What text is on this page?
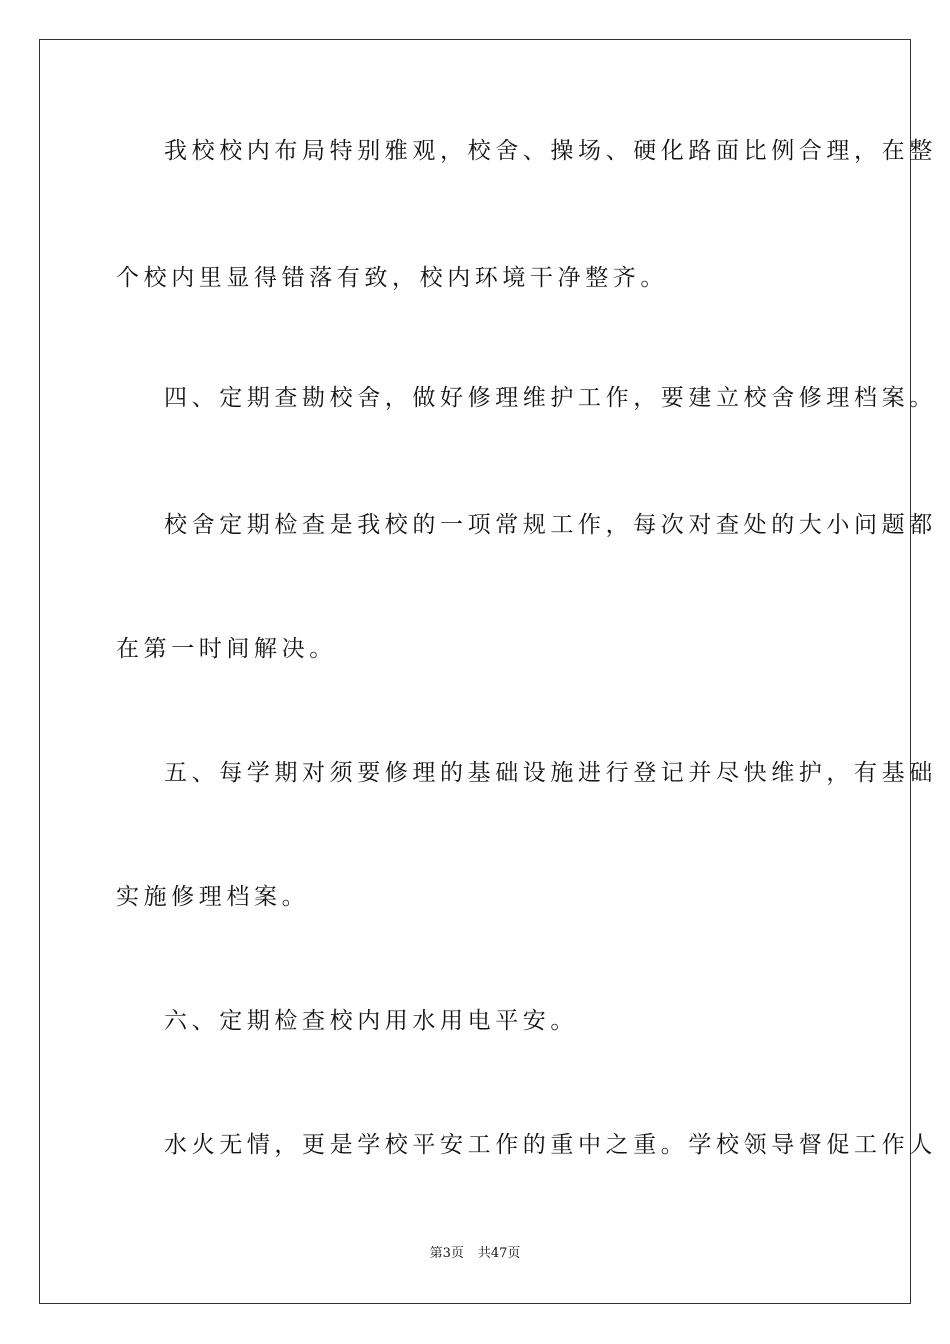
我校校内布局特别雅观，校舍、操场、硬化路面比例合理，在整
个校内里显得错落有致，校内环境干净整齐。
四、定期查勘校舍，做好修理维护工作，要建立校舍修理档案。
校舍定期检查是我校的一项常规工作，每次对查处的大小问题都
在第一时间解决。
五、每学期对须要修理的基础设施进行登记并尽快维护，有基础
实施修理档案。
六、定期检查校内用水用电平安。
水火无情，更是学校平安工作的重中之重。学校领导督促工作人
第3页 共47页
